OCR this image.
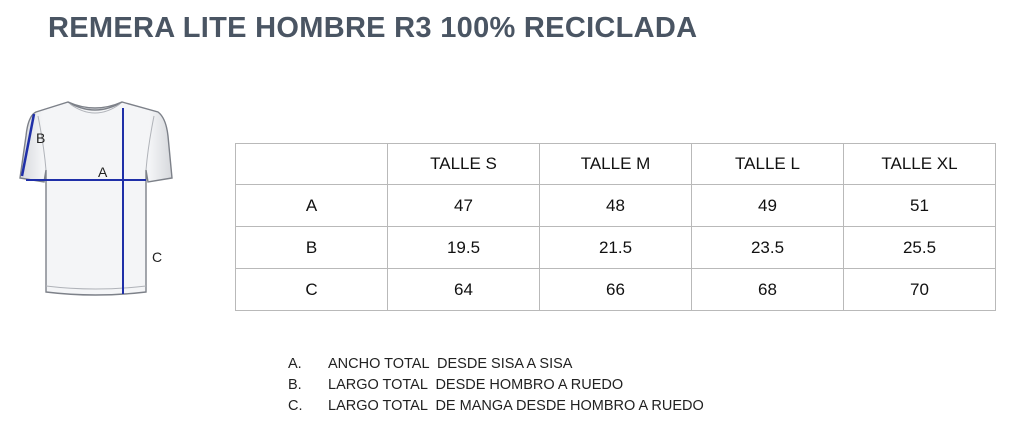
REMERA LITE HOMBRE R3 100% RECICLADA
B
A
C
	TALLE S	TALLE M	TALLE L	TALLE XL
A	47	48	49	51
B	19.5	21.5	23.5	25.5
C	64	66	68	70
A.	ANCHO TOTAL  DESDE SISA A SISA
B.	LARGO TOTAL  DESDE HOMBRO A RUEDO
C.	LARGO TOTAL  DE MANGA DESDE HOMBRO A RUEDO
